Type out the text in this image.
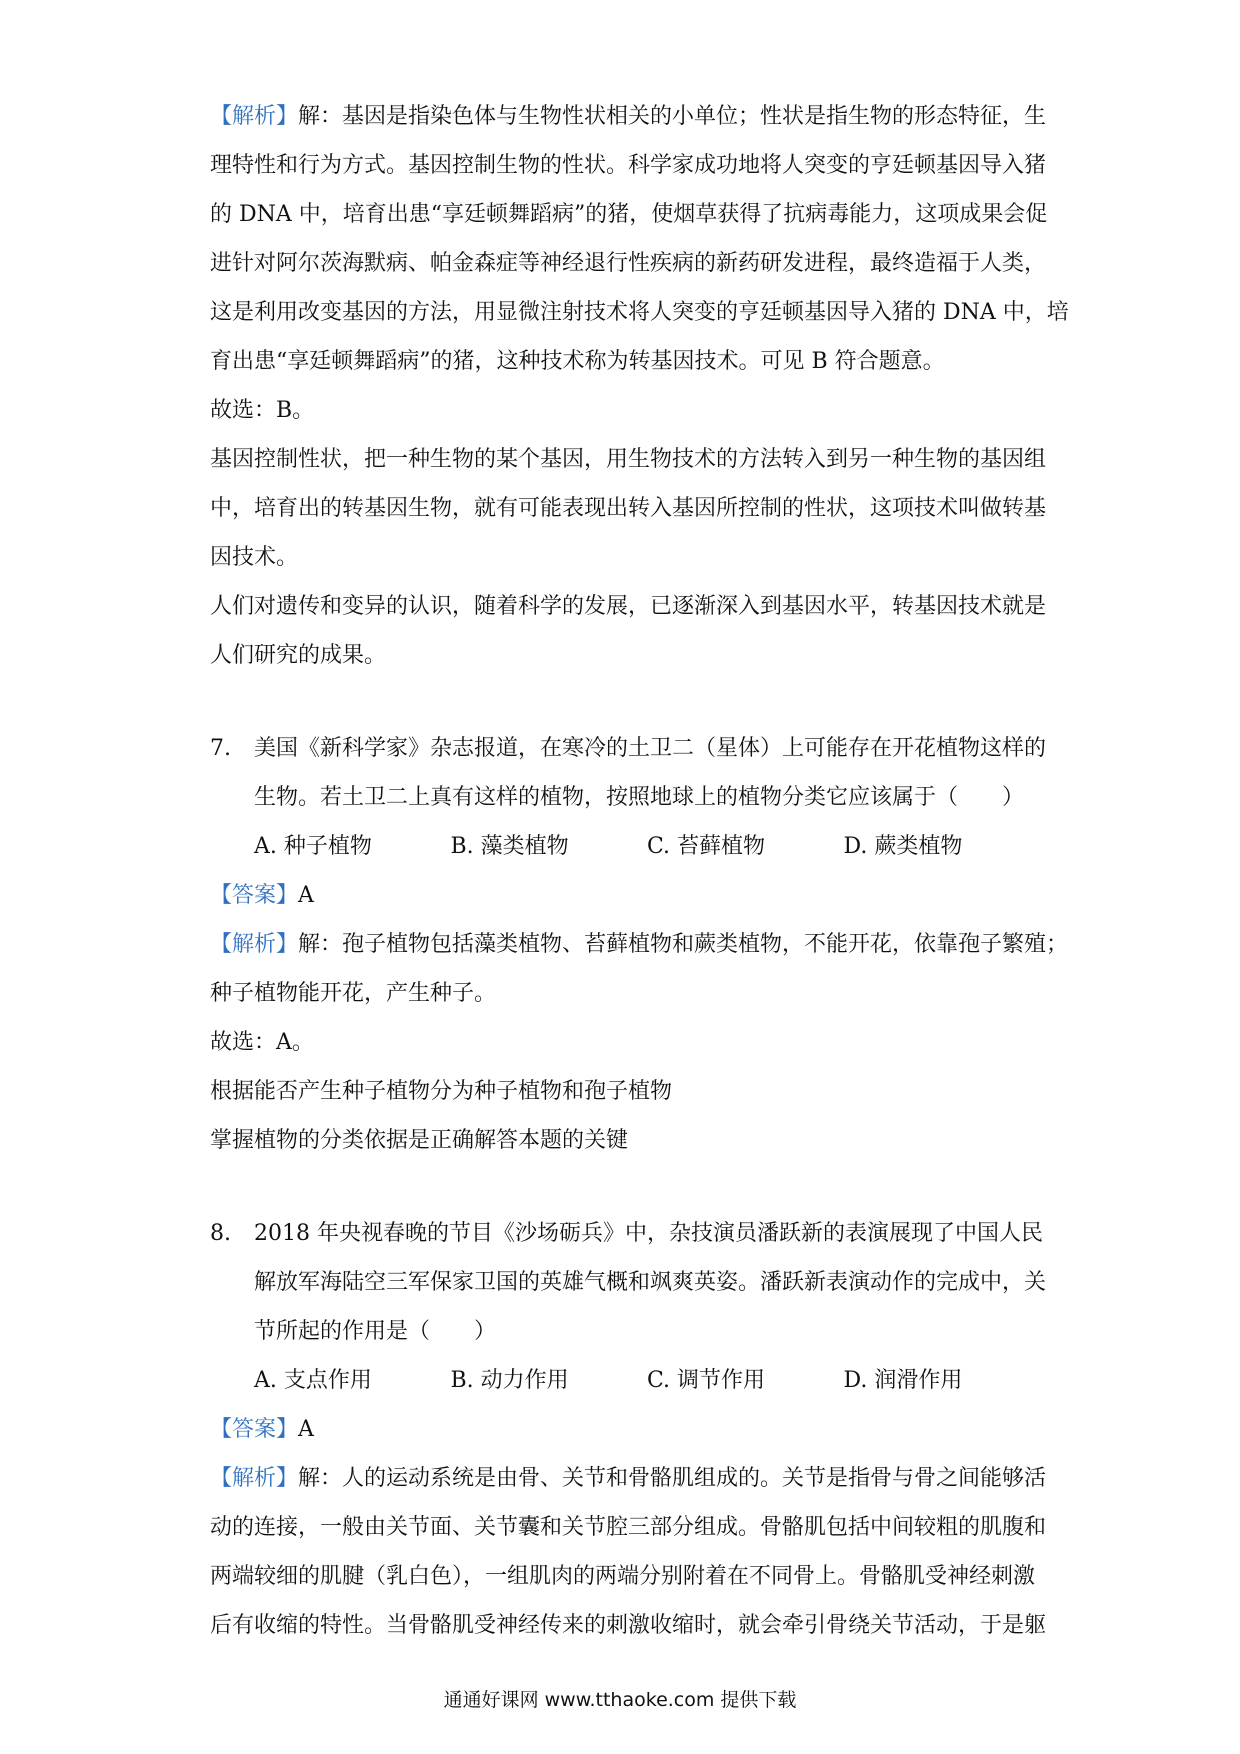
【解析】解：基因是指染色体与生物性状相关的小单位；性状是指生物的形态特征，生
理特性和行为方式。基因控制生物的性状。科学家成功地将人突变的亨廷顿基因导入猪
的 DNA 中，培育出患“享廷顿舞蹈病”的猪，使烟草获得了抗病毒能力，这项成果会促
进针对阿尔茨海默病、帕金森症等神经退行性疾病的新药研发进程，最终造福于人类，
这是利用改变基因的方法，用显微注射技术将人突变的亨廷顿基因导入猪的 DNA 中，培
育出患“享廷顿舞蹈病”的猪，这种技术称为转基因技术。可见 B 符合题意。
故选：B。
基因控制性状，把一种生物的某个基因，用生物技术的方法转入到另一种生物的基因组
中，培育出的转基因生物，就有可能表现出转入基因所控制的性状，这项技术叫做转基
因技术。
人们对遗传和变异的认识，随着科学的发展，已逐渐深入到基因水平，转基因技术就是
人们研究的成果。
7.	美国《新科学家》杂志报道，在寒冷的土卫二（星体）上可能存在开花植物这样的
生物。若土卫二上真有这样的植物，按照地球上的植物分类它应该属于（　　）
A. 种子植物	B. 藻类植物	C. 苔藓植物	D. 蕨类植物
【答案】A
【解析】解：孢子植物包括藻类植物、苔藓植物和蕨类植物，不能开花，依靠孢子繁殖；
种子植物能开花，产生种子。
故选：A。
根据能否产生种子植物分为种子植物和孢子植物
掌握植物的分类依据是正确解答本题的关键
8.	2018 年央视春晚的节目《沙场砺兵》中，杂技演员潘跃新的表演展现了中国人民
解放军海陆空三军保家卫国的英雄气概和飒爽英姿。潘跃新表演动作的完成中，关
节所起的作用是（　　）
A. 支点作用	B. 动力作用	C. 调节作用	D. 润滑作用
【答案】A
【解析】解：人的运动系统是由骨、关节和骨骼肌组成的。关节是指骨与骨之间能够活
动的连接，一般由关节面、关节囊和关节腔三部分组成。骨骼肌包括中间较粗的肌腹和
两端较细的肌腱（乳白色），一组肌肉的两端分别附着在不同骨上。骨骼肌受神经刺激
后有收缩的特性。当骨骼肌受神经传来的刺激收缩时，就会牵引骨绕关节活动，于是躯
通通好课网 www.tthaoke.com 提供下载
